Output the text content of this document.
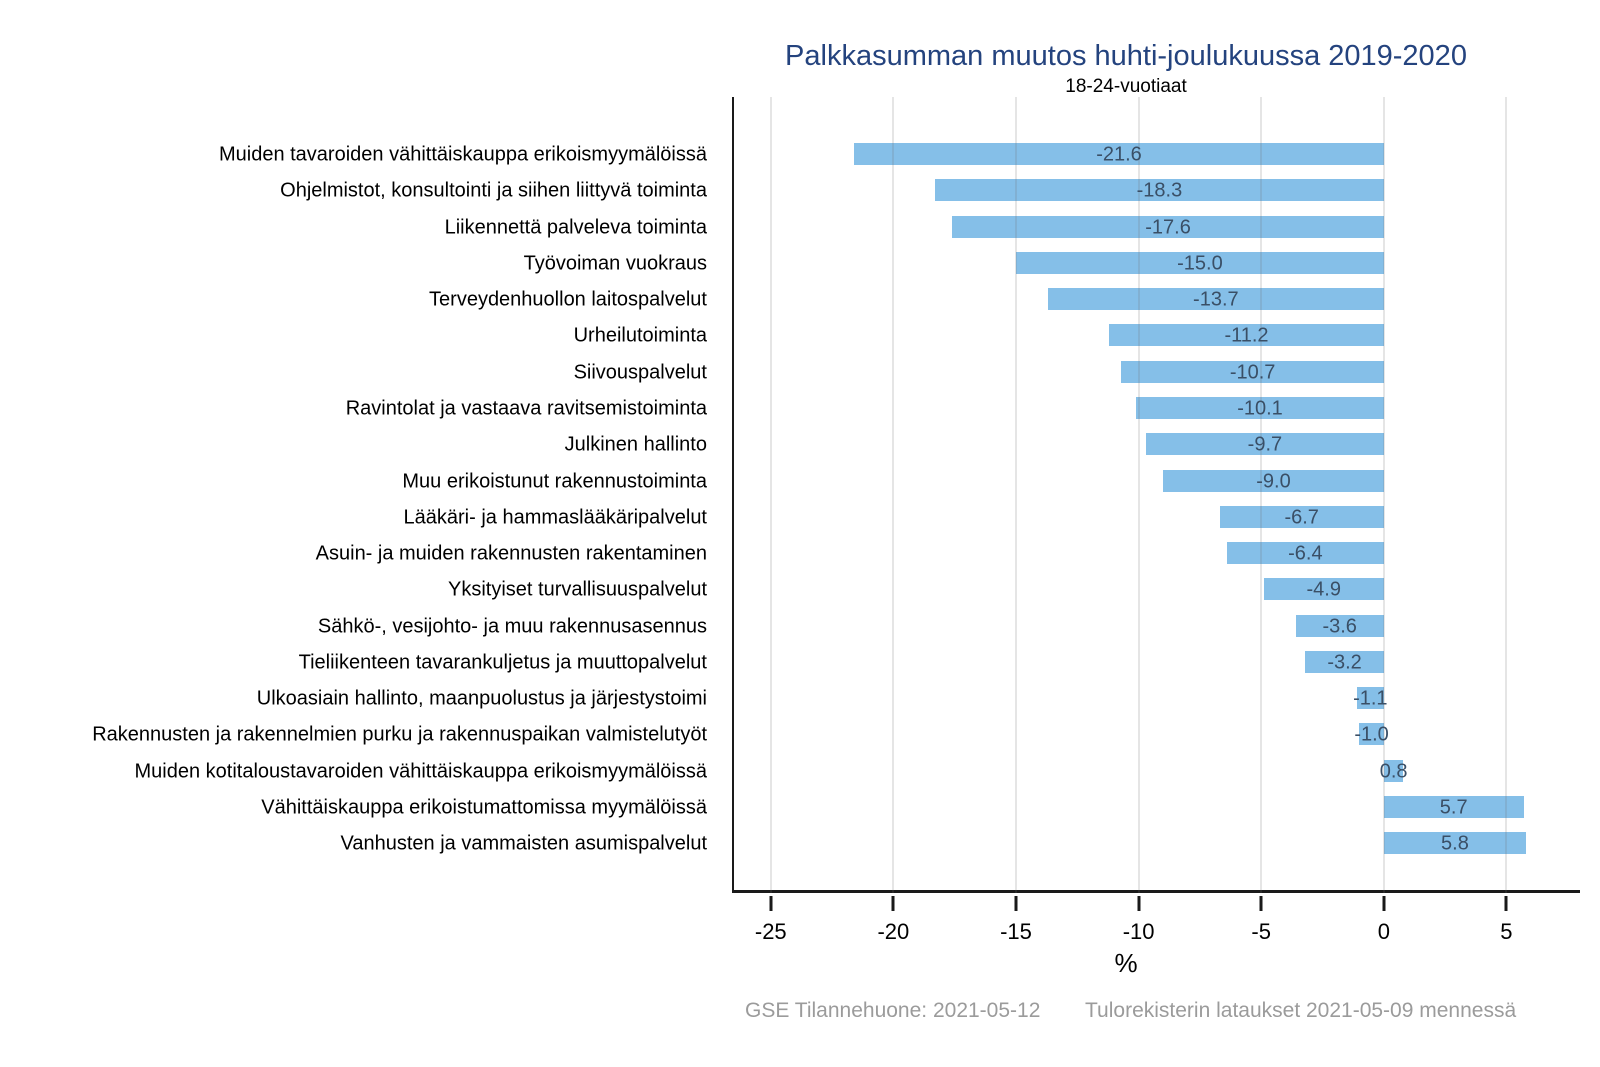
Palkkasumman muutos huhti-joulukuussa 2019-2020
18-24-vuotiaat
-21.6
-18.3
-17.6
-15.0
-13.7
-11.2
-10.7
-10.1
-9.7
-9.0
-6.7
-6.4
-4.9
-3.6
-3.2
-1.1
-1.0
0.8
5.7
5.8
Muiden tavaroiden vähittäiskauppa erikoismyymälöissä
Ohjelmistot, konsultointi ja siihen liittyvä toiminta
Liikennettä palveleva toiminta
Työvoiman vuokraus
Terveydenhuollon laitospalvelut
Urheilutoiminta
Siivouspalvelut
Ravintolat ja vastaava ravitsemistoiminta
Julkinen hallinto
Muu erikoistunut rakennustoiminta
Lääkäri- ja hammaslääkäripalvelut
Asuin- ja muiden rakennusten rakentaminen
Yksityiset turvallisuuspalvelut
Sähkö-, vesijohto- ja muu rakennusasennus
Tieliikenteen tavarankuljetus ja muuttopalvelut
Ulkoasiain hallinto, maanpuolustus ja järjestystoimi
Rakennusten ja rakennelmien purku ja rakennuspaikan valmistelutyöt
Muiden kotitaloustavaroiden vähittäiskauppa erikoismyymälöissä
Vähittäiskauppa erikoistumattomissa myymälöissä
Vanhusten ja vammaisten asumispalvelut
-25	-20	-15	-10	-5	0	5
%
GSE Tilannehuone: 2021-05-12 Tulorekisterin lataukset 2021-05-09 mennessä
